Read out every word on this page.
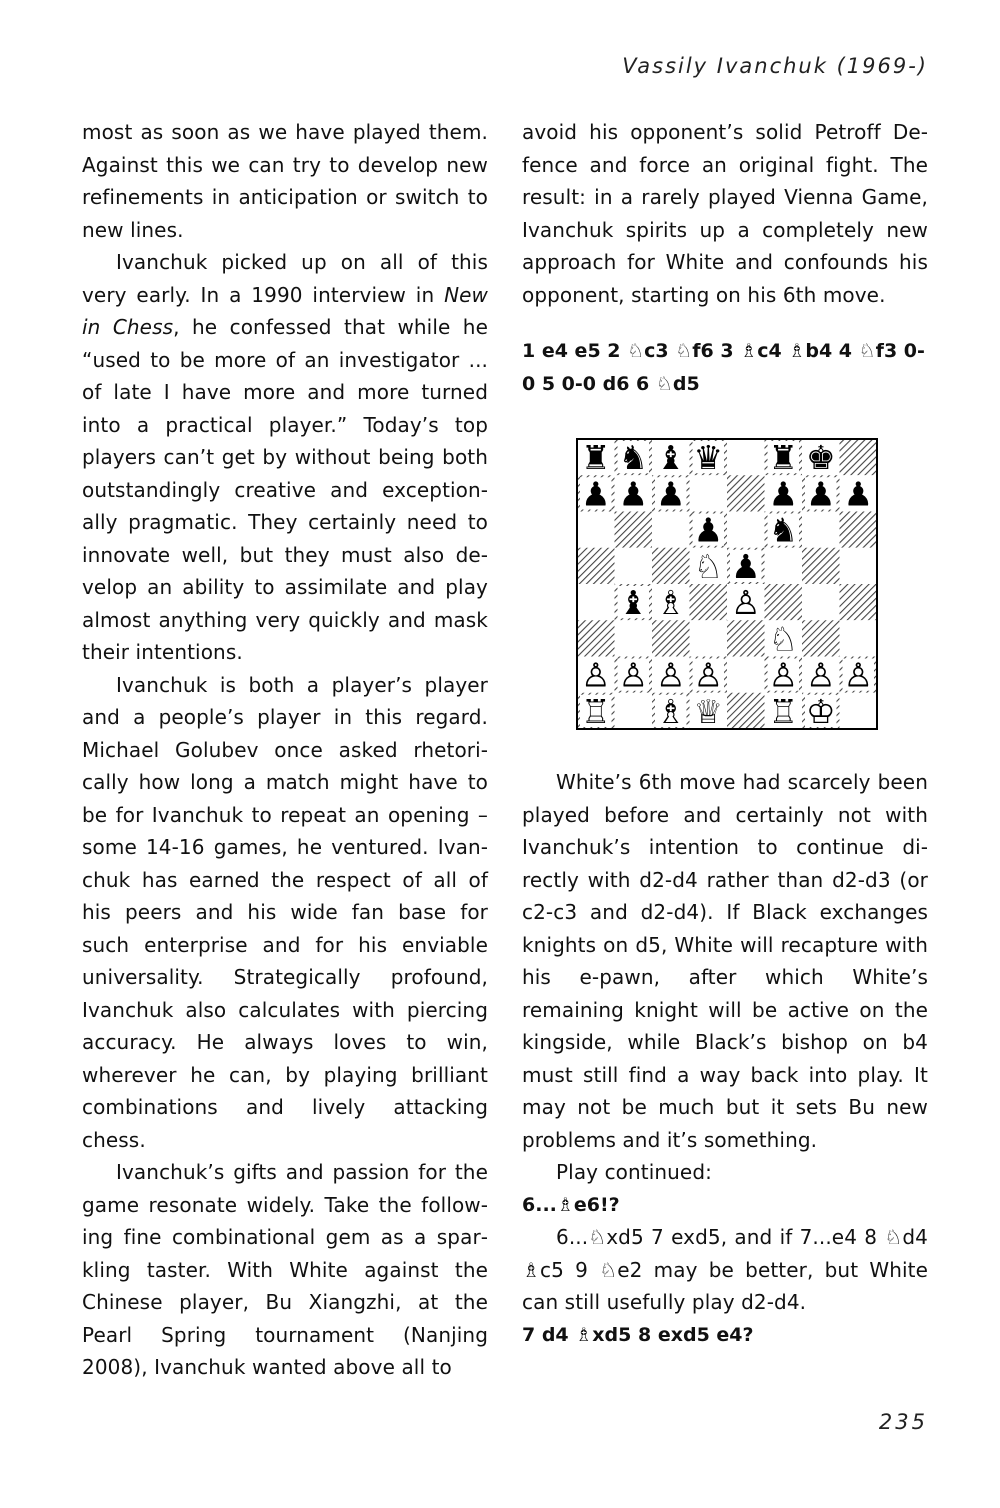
Vassily Ivanchuk (1969-)

most as soon as we have played them. Against this we can try to develop new refinements in anticipation or switch to new lines.

Ivanchuk picked up on all of this very early. In a 1990 interview in New in Chess, he confessed that while he “used to be more of an investigator ... of late I have more and more turned into a practical player.” Today’s top players can’t get by without being both outstandingly creative and exceptionally pragmatic. They certainly need to innovate well, but they must also develop an ability to assimilate and play almost anything very quickly and mask their intentions.

Ivanchuk is both a player’s player and a people’s player in this regard. Michael Golubev once asked rhetorically how long a match might have to be for Ivanchuk to repeat an opening – some 14-16 games, he ventured. Ivanchuk has earned the respect of all of his peers and his wide fan base for such enterprise and for his enviable universality. Strategically profound, Ivanchuk also calculates with piercing accuracy. He always loves to win, wherever he can, by playing brilliant combinations and lively attacking chess.

Ivanchuk’s gifts and passion for the game resonate widely. Take the following fine combinational gem as a sparkling taster. With White against the Chinese player, Bu Xiangzhi, at the Pearl Spring tournament (Nanjing 2008), Ivanchuk wanted above all to

avoid his opponent’s solid Petroff Defence and force an original fight. The result: in a rarely played Vienna Game, Ivanchuk spirits up a completely new approach for White and confounds his opponent, starting on his 6th move.

1 e4 e5 2 ♘c3 ♘f6 3 ♗c4 ♗b4 4 ♘f3 0-0 5 0-0 d6 6 ♘d5

♜ ♞ ♝ ♛ ♜ ♚
♟ ♟ ♟	♟ ♟ ♟
♟ ♞
♘ ♟
♝ ♗ ♙
♘
♙ ♙ ♙ ♙ ♙ ♙ ♙
♖ ♗ ♕ ♖ ♔

White’s 6th move had scarcely been played before and certainly not with Ivanchuk’s intention to continue directly with d2-d4 rather than d2-d3 (or c2-c3 and d2-d4). If Black exchanges knights on d5, White will recapture with his e-pawn, after which White’s remaining knight will be active on the kingside, while Black’s bishop on b4 must still find a way back into play. It may not be much but it sets Bu new problems and it’s something.

Play continued:

6...♗e6!?

6...♘xd5 7 exd5, and if 7...e4 8 ♘d4 ♗c5 9 ♘e2 may be better, but White can still usefully play d2-d4.

7 d4 ♗xd5 8 exd5 e4?

235
